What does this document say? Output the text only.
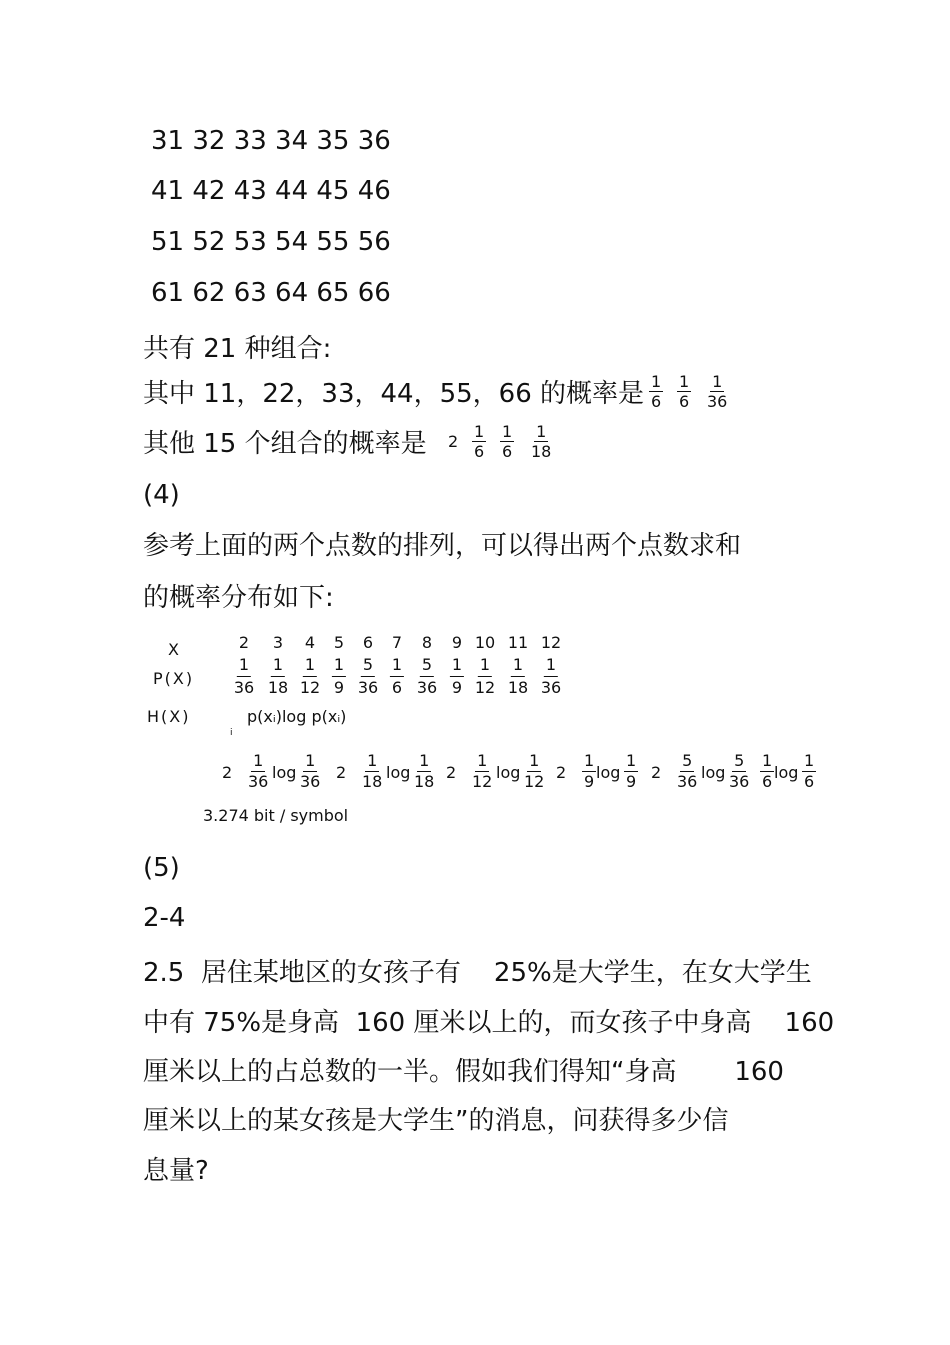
31 32 33 34 35 36
41 42 43 44 45 46
51 52 53 54 55 56
61 62 63 64 65 66
共有 21 种组合:
其中 11，22，33，44，55，66 的概率是 $\frac{1}{6} \frac{1}{6} \frac{1}{36}$
其他 15 个组合的概率是 $2 \frac{1}{6} \frac{1}{6} \frac{1}{18}$
(4)
参考上面的两个点数的排列，可以得出两个点数求和
的概率分布如下:
X
P(X)
2 3 4 5 6 7 8 9 10 11 12
$\frac{1}{36} \frac{1}{18} \frac{1}{12} \frac{1}{9} \frac{5}{36} \frac{1}{6} \frac{5}{36} \frac{1}{9} \frac{1}{12} \frac{1}{18} \frac{1}{36}$
H(X)	p(xᵢ)log p(xᵢ)
i
$2 \frac{1}{36}$ $\log \frac{1}{36} 2 \frac{1}{18}$ $\log \frac{1}{18} 2 \frac{1}{12}$ $\log \frac{1}{12} 2 \frac{1}{9}$ $\log \frac{1}{9} 2 \frac{5}{36}$ $\log \frac{5}{36} \frac{1}{6}$ $\log \frac{1}{6}$
3.274 bit / symbol
(5)
2-4
2.5  居住某地区的女孩子有    25%是大学生，在女大学生
中有 75%是身高  160 厘米以上的，而女孩子中身高    160
厘米以上的占总数的一半。假如我们得知“身高       160
厘米以上的某女孩是大学生”的消息，问获得多少信
息量?
